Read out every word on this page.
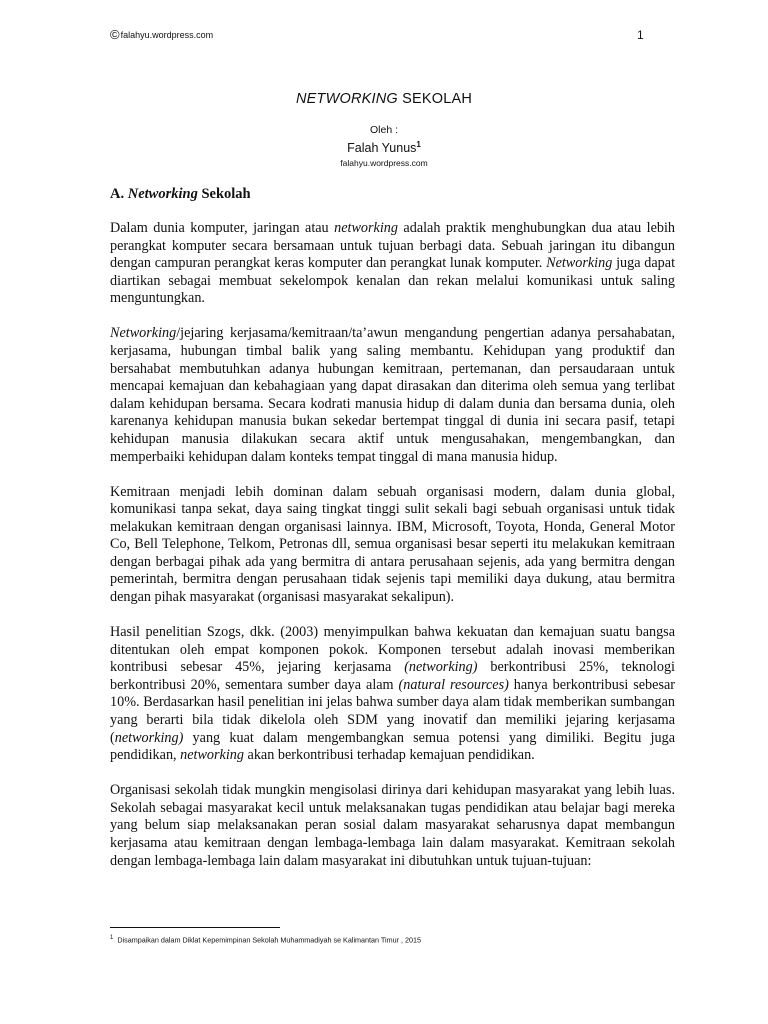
©falahyu.wordpress.com	1
NETWORKING SEKOLAH
Oleh :
Falah Yunus$^1$
falahyu.wordpress.com
A. Networking Sekolah

Dalam dunia komputer, jaringan atau networking adalah praktik menghubungkan dua atau lebih perangkat komputer secara bersamaan untuk tujuan berbagi data. Sebuah jaringan itu dibangun dengan campuran perangkat keras komputer dan perangkat lunak komputer. Networking juga dapat diartikan sebagai membuat sekelompok kenalan dan rekan melalui komunikasi untuk saling menguntungkan.

Networking/jejaring kerjasama/kemitraan/ta’awun mengandung pengertian adanya persahabatan, kerjasama, hubungan timbal balik yang saling membantu. Kehidupan yang produktif dan bersahabat membutuhkan adanya hubungan kemitraan, pertemanan, dan persaudaraan untuk mencapai kemajuan dan kebahagiaan yang dapat dirasakan dan diterima oleh semua yang terlibat dalam kehidupan bersama. Secara kodrati manusia hidup di dalam dunia dan bersama dunia, oleh karenanya kehidupan manusia bukan sekedar bertempat tinggal di dunia ini secara pasif, tetapi kehidupan manusia dilakukan secara aktif untuk mengusahakan, mengembangkan, dan memperbaiki kehidupan dalam konteks tempat tinggal di mana manusia hidup.

Kemitraan menjadi lebih dominan dalam sebuah organisasi modern, dalam dunia global, komunikasi tanpa sekat, daya saing tingkat tinggi sulit sekali bagi sebuah organisasi untuk tidak melakukan kemitraan dengan organisasi lainnya. IBM, Microsoft, Toyota, Honda, General Motor Co, Bell Telephone, Telkom, Petronas dll, semua organisasi besar seperti itu melakukan kemitraan dengan berbagai pihak ada yang bermitra di antara perusahaan sejenis, ada yang bermitra dengan pemerintah, bermitra dengan perusahaan tidak sejenis tapi memiliki daya dukung, atau bermitra dengan pihak masyarakat (organisasi masyarakat sekalipun).

Hasil penelitian Szogs, dkk. (2003) menyimpulkan bahwa kekuatan dan kemajuan suatu bangsa ditentukan oleh empat komponen pokok. Komponen tersebut adalah inovasi memberikan kontribusi sebesar 45%, jejaring kerjasama (networking) berkontribusi 25%, teknologi berkontribusi 20%, sementara sumber daya alam (natural resources) hanya berkontribusi sebesar 10%. Berdasarkan hasil penelitian ini jelas bahwa sumber daya alam tidak memberikan sumbangan yang berarti bila tidak dikelola oleh SDM yang inovatif dan memiliki jejaring kerjasama (networking) yang kuat dalam mengembangkan semua potensi yang dimiliki. Begitu juga pendidikan, networking akan berkontribusi terhadap kemajuan pendidikan.

Organisasi sekolah tidak mungkin mengisolasi dirinya dari kehidupan masyarakat yang lebih luas. Sekolah sebagai masyarakat kecil untuk melaksanakan tugas pendidikan atau belajar bagi mereka yang belum siap melaksanakan peran sosial dalam masyarakat seharusnya dapat membangun kerjasama atau kemitraan dengan lembaga-lembaga lain dalam masyarakat. Kemitraan sekolah dengan lembaga-lembaga lain dalam masyarakat ini dibutuhkan untuk tujuan-tujuan:

$^1$ Disampaikan dalam Diklat Kepemimpinan Sekolah Muhammadiyah se Kalimantan Timur , 2015
